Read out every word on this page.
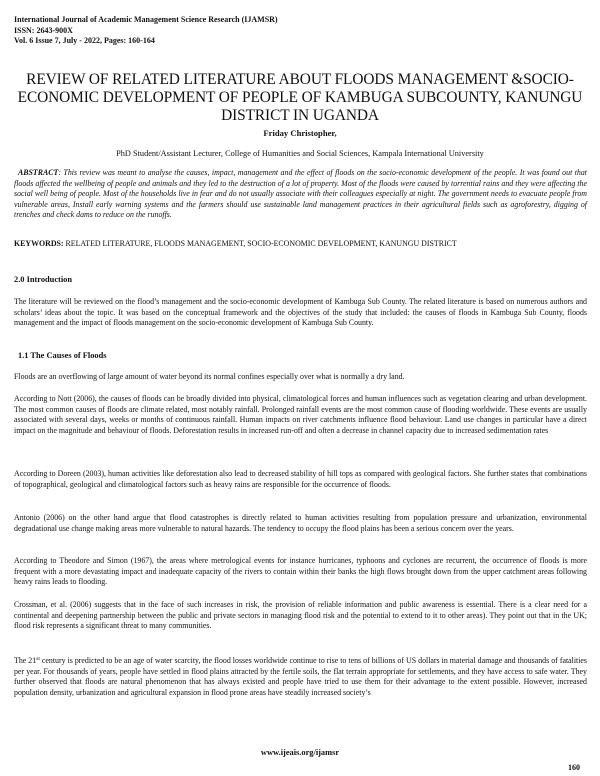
International Journal of Academic Management Science Research (IJAMSR)
ISSN: 2643-900X
Vol. 6 Issue 7, July - 2022, Pages: 160-164
REVIEW OF RELATED LITERATURE ABOUT FLOODS MANAGEMENT &SOCIO-ECONOMIC DEVELOPMENT OF PEOPLE OF KAMBUGA SUBCOUNTY, KANUNGU DISTRICT IN UGANDA
Friday Christopher,
PhD Student/Assistant Lecturer, College of Humanities and Social Sciences, Kampala International University
ABSTRACT: This review was meant to analyse the causes, impact, management and the effect of floods on the socio-economic development of the people. It was found out that floods affected the wellbeing of people and animals and they led to the destruction of a lot of property. Most of the floods were caused by torrential rains and they were affecting the social well being of people. Most of the households live in fear and do not usually associate with their colleagues especially at night. The government needs to evacuate people from vulnerable areas, Install early warning systems and the farmers should use sustainable land management practices in their agricultural fields such as agroforestry, digging of trenches and check dams to reduce on the runoffs.
KEYWORDS: RELATED LITERATURE, FLOODS MANAGEMENT, SOCIO-ECONOMIC DEVELOPMENT, KANUNGU DISTRICT
2.0 Introduction
The literature will be reviewed on the flood’s management and the socio-economic development of Kambuga Sub County. The related literature is based on numerous authors and scholars’ ideas about the topic. It was based on the conceptual framework and the objectives of the study that included: the causes of floods in Kambuga Sub County, floods management and the impact of floods management on the socio-economic development of Kambuga Sub County.
1.1 The Causes of Floods
Floods are an overflowing of large amount of water beyond its normal confines especially over what is normally a dry land.
According to Nott (2006), the causes of floods can be broadly divided into physical, climatological forces and human influences such as vegetation clearing and urban development. The most common causes of floods are climate related, most notably rainfall. Prolonged rainfall events are the most common cause of flooding worldwide. These events are usually associated with several days, weeks or months of continuous rainfall. Human impacts on river catchments influence flood behaviour. Land use changes in particular have a direct impact on the magnitude and behaviour of floods. Deforestation results in increased run-off and often a decrease in channel capacity due to increased sedimentation rates
According to Doreen (2003), human activities like deforestation also lead to decreased stability of hill tops as compared with geological factors. She further states that combinations of topographical, geological and climatological factors such as heavy rains are responsible for the occurrence of floods.
Antonio (2006) on the other hand argue that flood catastrophes is directly related to human activities resulting from population pressure and urbanization, environmental degradational use change making areas more vulnerable to natural hazards. The tendency to occupy the flood plains has been a serious concern over the years.
According to Theodore and Simon (1967), the areas where metrological events for instance hurricanes, typhoons and cyclones are recurrent, the occurrence of floods is more frequent with a more devastating impact and inadequate capacity of the rivers to contain within their banks the high flows brought down from the upper catchment areas following heavy rains leads to flooding.
Crossman, et al. (2006) suggests that in the face of such increases in risk, the provision of reliable information and public awareness is essential. There is a clear need for a continental and deepening partnership between the public and private sectors in managing flood risk and the potential to extend to it to other areas). They point out that in the UK; flood risk represents a significant threat to many communities.
The 21st century is predicted to be an age of water scarcity, the flood losses worldwide continue to rise to tens of billions of US dollars in material damage and thousands of fatalities per year. For thousands of years, people have settled in flood plains attracted by the fertile soils, the flat terrain appropriate for settlements, and they have access to safe water. They further observed that floods are natural phenomenon that has always existed and people have tried to use them for their advantage to the extent possible. However, increased population density, urbanization and agricultural expansion in flood prone areas have steadily increased society’s
www.ijeais.org/ijamsr
160
